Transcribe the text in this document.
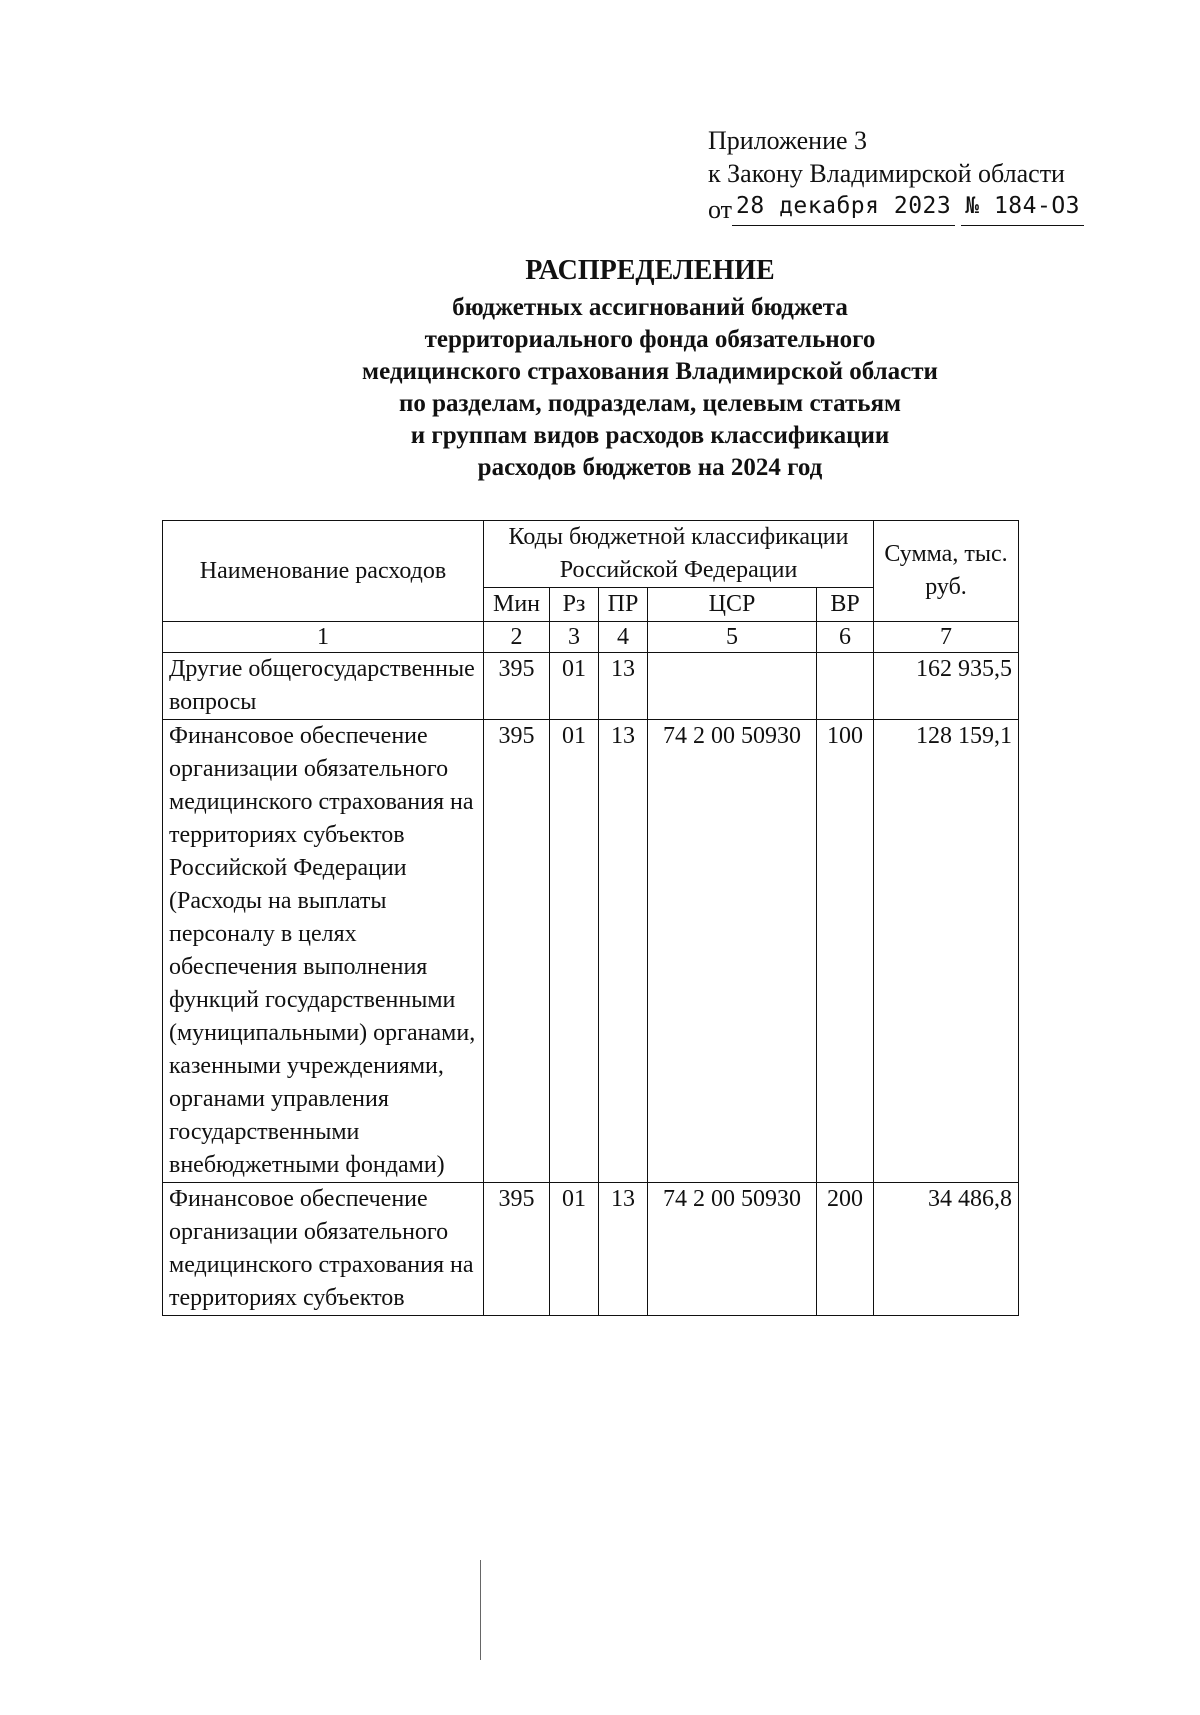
Приложение 3
к Закону Владимирской области
от 28 декабря 2023 № 184-ОЗ
РАСПРЕДЕЛЕНИЕ
бюджетных ассигнований бюджета
территориального фонда обязательного
медицинского страхования Владимирской области
по разделам, подразделам, целевым статьям
и группам видов расходов классификации
расходов бюджетов на 2024 год
Наименование расходов	Коды бюджетной классификации Российской Федерации					Сумма, тыс. руб.
	Мин	Рз	ПР	ЦСР	ВР	
1	2	3	4	5	6	7
Другие общегосударственные вопросы	395	01	13			162 935,5
Финансовое обеспечение организации обязательного медицинского страхования на территориях субъектов Российской Федерации (Расходы на выплаты персоналу в целях обеспечения выполнения функций государственными (муниципальными) органами, казенными учреждениями, органами управления государственными внебюджетными фондами)	395	01	13	74 2 00 50930	100	128 159,1
Финансовое обеспечение организации обязательного медицинского страхования на территориях субъектов	395	01	13	74 2 00 50930	200	34 486,8
